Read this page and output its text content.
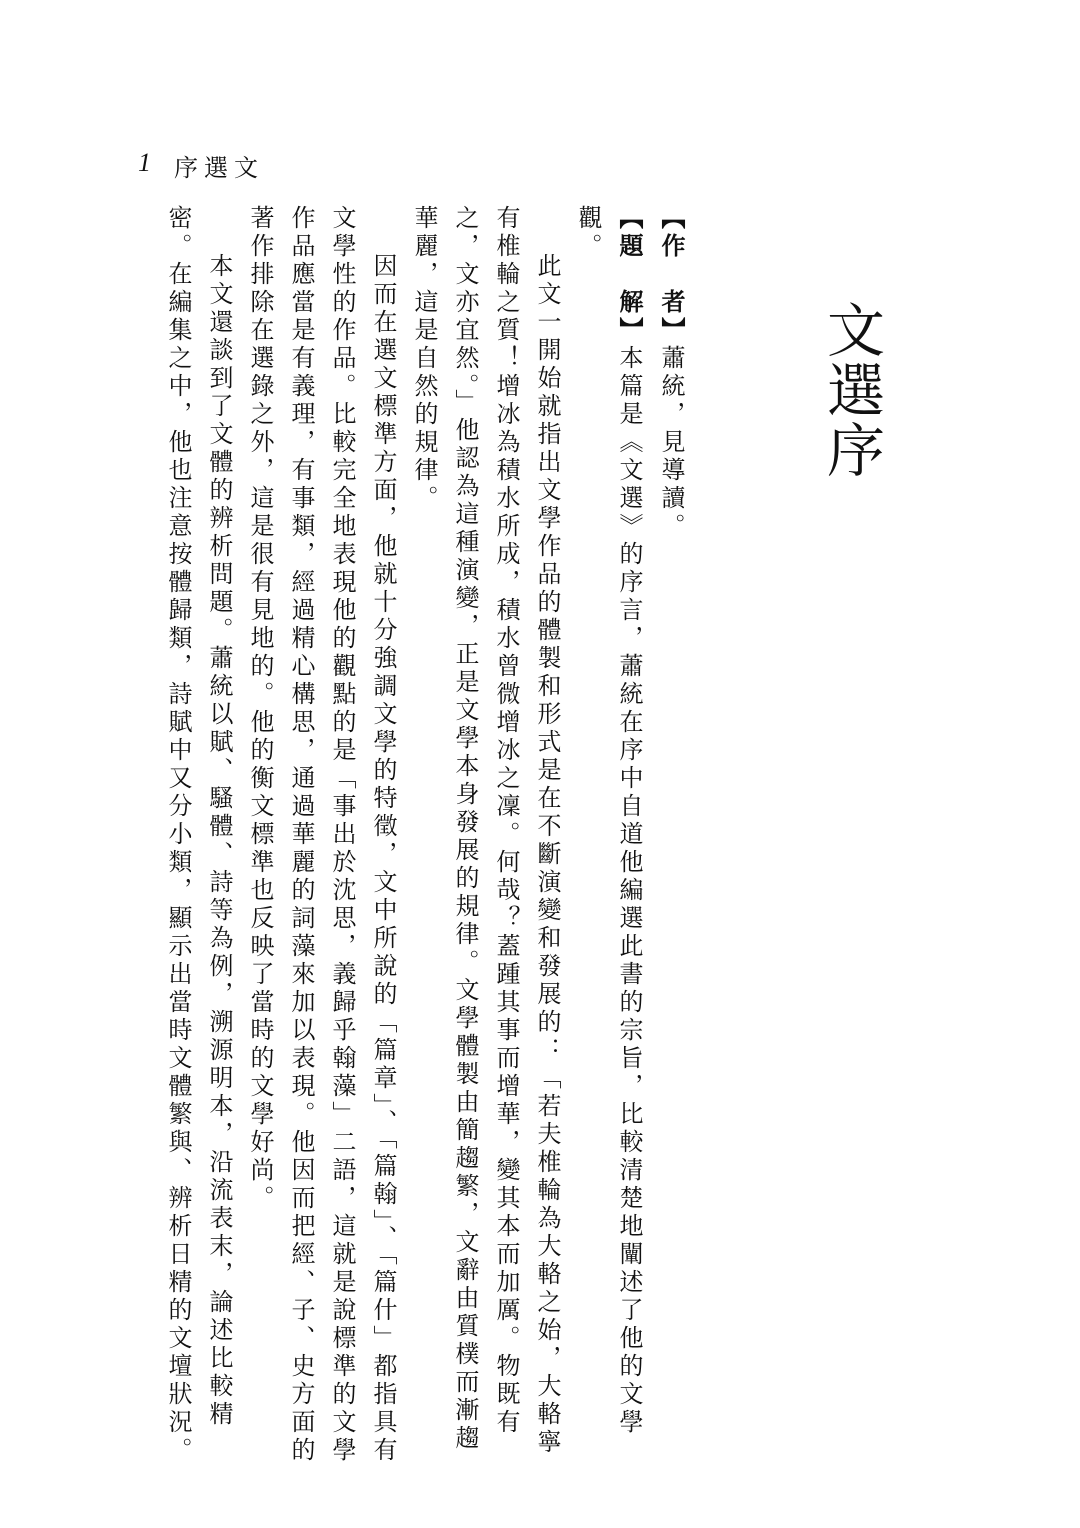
1 序選文
文選序

【作　者】蕭統，見導讀。

【題　解】本篇是《文選》的序言，蕭統在序中自道他編選此書的宗旨，比較清楚地闡述了他的文學觀。

此文一開始就指出文學作品的體製和形式是在不斷演變和發展的：「若夫椎輪為大輅之始，大輅寧有椎輪之質！增冰為積水所成，積水曾微增冰之凜。何哉？蓋踵其事而增華，變其本而加厲。物既有之，文亦宜然。」他認為這種演變，正是文學本身發展的規律。文學體製由簡趨繁，文辭由質樸而漸趨華麗，這是自然的規律。

因而在選文標準方面，他就十分強調文學的特徵，文中所說的「篇章」、「篇翰」、「篇什」都指具有文學性的作品。比較完全地表現他的觀點的是「事出於沈思，義歸乎翰藻」二語，這就是說標準的文學作品應當是有義理，有事類，經過精心構思，通過華麗的詞藻來加以表現。他因而把經、子、史方面的著作排除在選錄之外，這是很有見地的。他的衡文標準也反映了當時的文學好尚。

本文還談到了文體的辨析問題。蕭統以賦、騷體、詩等為例，溯源明本，沿流表末，論述比較精密。在編集之中，他也注意按體歸類，詩賦中又分小類，顯示出當時文體繁與、辨析日精的文壇狀況。
